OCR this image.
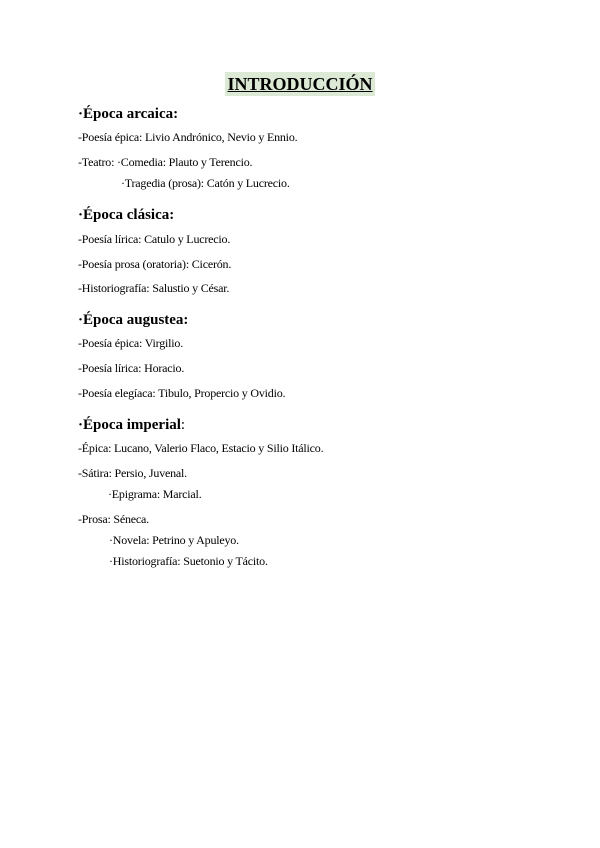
INTRODUCCIÓN
·Época arcaica:
-Poesía épica: Livio Andrónico, Nevio y Ennio.
-Teatro: ·Comedia: Plauto y Terencio.
·Tragedia (prosa): Catón y Lucrecio.
·Época clásica:
-Poesía lírica: Catulo y Lucrecio.
-Poesía prosa (oratoria): Cicerón.
-Historiografía: Salustio y César.
·Época augustea:
-Poesía épica: Virgilio.
-Poesía lírica: Horacio.
-Poesía elegíaca: Tibulo, Propercio y Ovidio.
·Época imperial:
-Épica: Lucano, Valerio Flaco, Estacio y Silio Itálico.
-Sátira: Persio, Juvenal.
·Epigrama: Marcial.
-Prosa: Séneca.
·Novela: Petrino y Apuleyo.
·Historiografía: Suetonio y Tácito.
